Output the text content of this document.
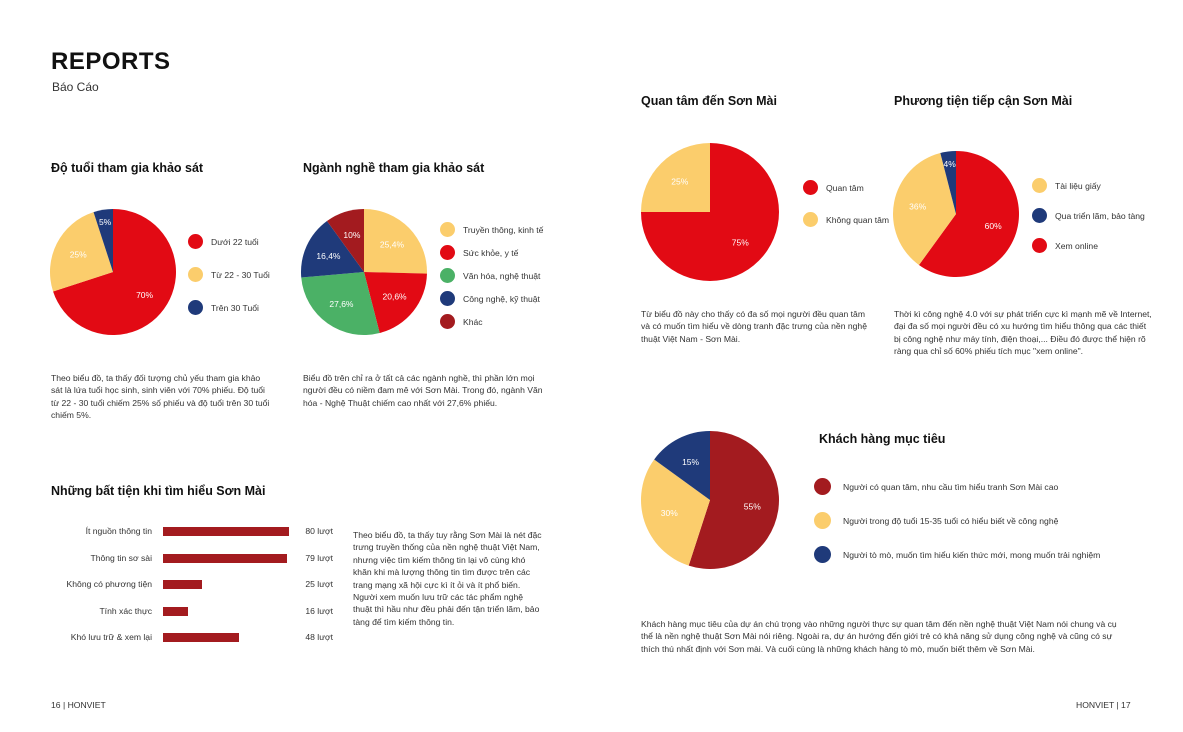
REPORTS
Báo Cáo
Độ tuổi tham gia khảo sát
70%
25%
5%
Dưới 22 tuổi
Từ 22 - 30 Tuổi
Trên 30 Tuổi
Theo biểu đồ, ta thấy đối tượng chủ yếu tham gia khảo sát là lứa tuổi học sinh, sinh viên với 70% phiếu. Độ tuổi từ 22 - 30 tuổi chiếm 25% số phiếu và độ tuổi trên 30 tuổi chiếm 5%.
Ngành nghề tham gia khảo sát
25,4%
20,6%
27,6%
16,4%
10%
Truyền thông, kinh tế
Sức khỏe, y tế
Văn hóa, nghệ thuật
Công nghệ, kỹ thuật
Khác
Biểu đồ trên chỉ ra ở tất cả các ngành nghề, thì phần lớn mọi người đều có niềm đam mê với Sơn Mài. Trong đó, ngành Văn hóa - Nghệ Thuật chiếm cao nhất với 27,6% phiếu.
Những bất tiện khi tìm hiểu Sơn Mài
Ít nguồn thông tin	80 lượt
Thông tin sơ sài	79 lượt
Không có phương tiện	25 lượt
Tính xác thực	16 lượt
Khó lưu trữ & xem lại	48 lượt
Theo biểu đồ, ta thấy tuy rằng Sơn Mài là nét đặc trưng truyền thống của nền nghệ thuật Việt Nam, nhưng việc tìm kiếm thông tin lại vô cùng khó khăn khi mà lượng thông tin tìm được trên các trang mạng xã hội cực kì ít ỏi và ít phổ biến. Người xem muốn lưu trữ các tác phẩm nghệ thuật thì hầu như đều phải đến tận triển lãm, bảo tàng để tìm kiếm thông tin.
16 | HONVIET
Quan tâm đến Sơn Mài
75%
25%
Quan tâm
Không quan tâm
Từ biểu đồ này cho thấy có đa số mọi người đều quan tâm và có muốn tìm hiểu về dòng tranh đặc trưng của nền nghệ thuật Việt Nam - Sơn Mài.
Phương tiện tiếp cận Sơn Mài
60%
36%
4%
Tài liệu giấy
Qua triển lãm, bảo tàng
Xem online
Thời kì công nghệ 4.0 với sự phát triển cực kì mạnh mẽ về Internet, đại đa số mọi người đều có xu hướng tìm hiểu thông qua các thiết bị công nghệ như máy tính, điện thoại,... Điều đó được thể hiện rõ ràng qua chỉ số 60% phiếu tích mục "xem online".
Khách hàng mục tiêu
55%
30%
15%
Người có quan tâm, nhu cầu tìm hiểu tranh Sơn Mài cao
Người trong độ tuổi 15-35 tuổi có hiểu biết về công nghệ
Người tò mò, muốn tìm hiểu kiến thức mới, mong muốn trải nghiệm
Khách hàng mục tiêu của dự án chú trọng vào những người thực sự quan tâm đến nền nghệ thuật Việt Nam nói chung và cụ thể là nền nghệ thuật Sơn Mài nói riêng. Ngoài ra, dự án hướng đến giới trẻ có khả năng sử dụng công nghệ và cũng có sự thích thú nhất định với Sơn mài. Và cuối cùng là những khách hàng tò mò, muốn biết thêm về Sơn Mài.
HONVIET | 17
